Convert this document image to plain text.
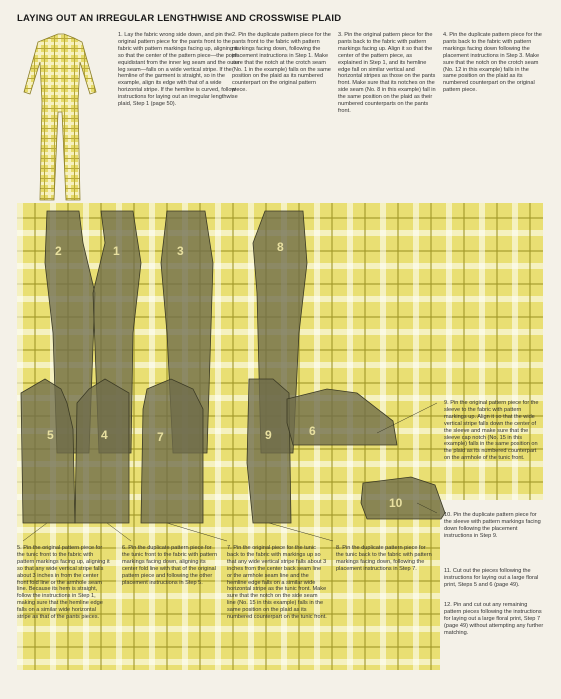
LAYING OUT AN IRREGULAR LENGTHWISE AND CROSSWISE PLAID
1. Lay the fabric wrong side down, and pin the original pattern piece for the pants front to the fabric with pattern markings facing up, aligning it so that the center of the pattern piece—the point equidistant from the inner leg seam and the outer leg seam—falls on a wide vertical stripe. If the hemline of the garment is straight, so in the example, align its edge with that of a wide horizontal stripe. If the hemline is curved, follow instructions for laying out an irregular lengthwise plaid, Step 1 (page 50).
2. Pin the duplicate pattern piece for the pants front to the fabric with pattern markings facing down, following the placement instructions in Step 1. Make sure that the notch at the crotch seam (No. 1 in the example) falls on the same position on the plaid as its numbered counterpart on the original pattern piece.
3. Pin the original pattern piece for the pants back to the fabric with pattern markings facing up. Align it so that the center of the pattern piece, as explained in Step 1, and its hemline edge fall on similar vertical and horizontal stripes as those on the pants front. Make sure that its notches on the side seam (No. 8 in this example) fall in the same position on the plaid as their numbered counterparts on the pants front.
4. Pin the duplicate pattern piece for the pants back to the fabric with pattern markings facing down following the placement instructions in Step 3. Make sure that the notch on the crotch seam (No. 12 in this example) falls in the same position on the plaid as its numbered counterpart on the original pattern piece.
2	1	3	8
5	6
7
4	9
10
9. Pin the original pattern piece for the sleeve to the fabric with pattern markings up. Align it so that the wide vertical stripe falls down the center of the sleeve and make sure that the sleeve cap notch (No. 15 in this example) falls in the same position on the plaid as its numbered counterpart on the armhole of the tunic front.
10. Pin the duplicate pattern piece for the sleeve with pattern markings facing down following the placement instructions in Step 9.
11. Cut out the pieces following the instructions for laying out a large floral print, Steps 5 and 6 (page 49).
12. Pin and cut out any remaining pattern pieces following the instructions for laying out a large floral print, Step 7 (page 49) without attempting any further matching.
5. Pin the original pattern piece for the tunic front to the fabric with pattern markings facing up, aligning it so that any wide vertical stripe falls about 3 inches in from the center front fold line or the armhole seam line. Because its hem is straight, follow the instructions in Step 1, making sure that the hemline edge falls on a similar wide horizontal stripe as that of the pants pieces.
6. Pin the duplicate pattern piece for the tunic front to the fabric with pattern markings facing down, aligning its center fold line with that of the original pattern piece and following the other placement instructions in Step 5.
7. Pin the original piece for the tunic back to the fabric with markings up so that any wide vertical stripe falls about 3 inches from the center back seam line or the armhole seam line and the hemline edge falls on a similar wide horizontal stripe as the tunic front. Make sure that the notch on the side seam line (No. 15 in this example) falls in the same position on the plaid as its numbered counterpart on the tunic front.
8. Pin the duplicate pattern piece for the tunic back to the fabric with pattern markings facing down, following the placement instructions in Step 7.
